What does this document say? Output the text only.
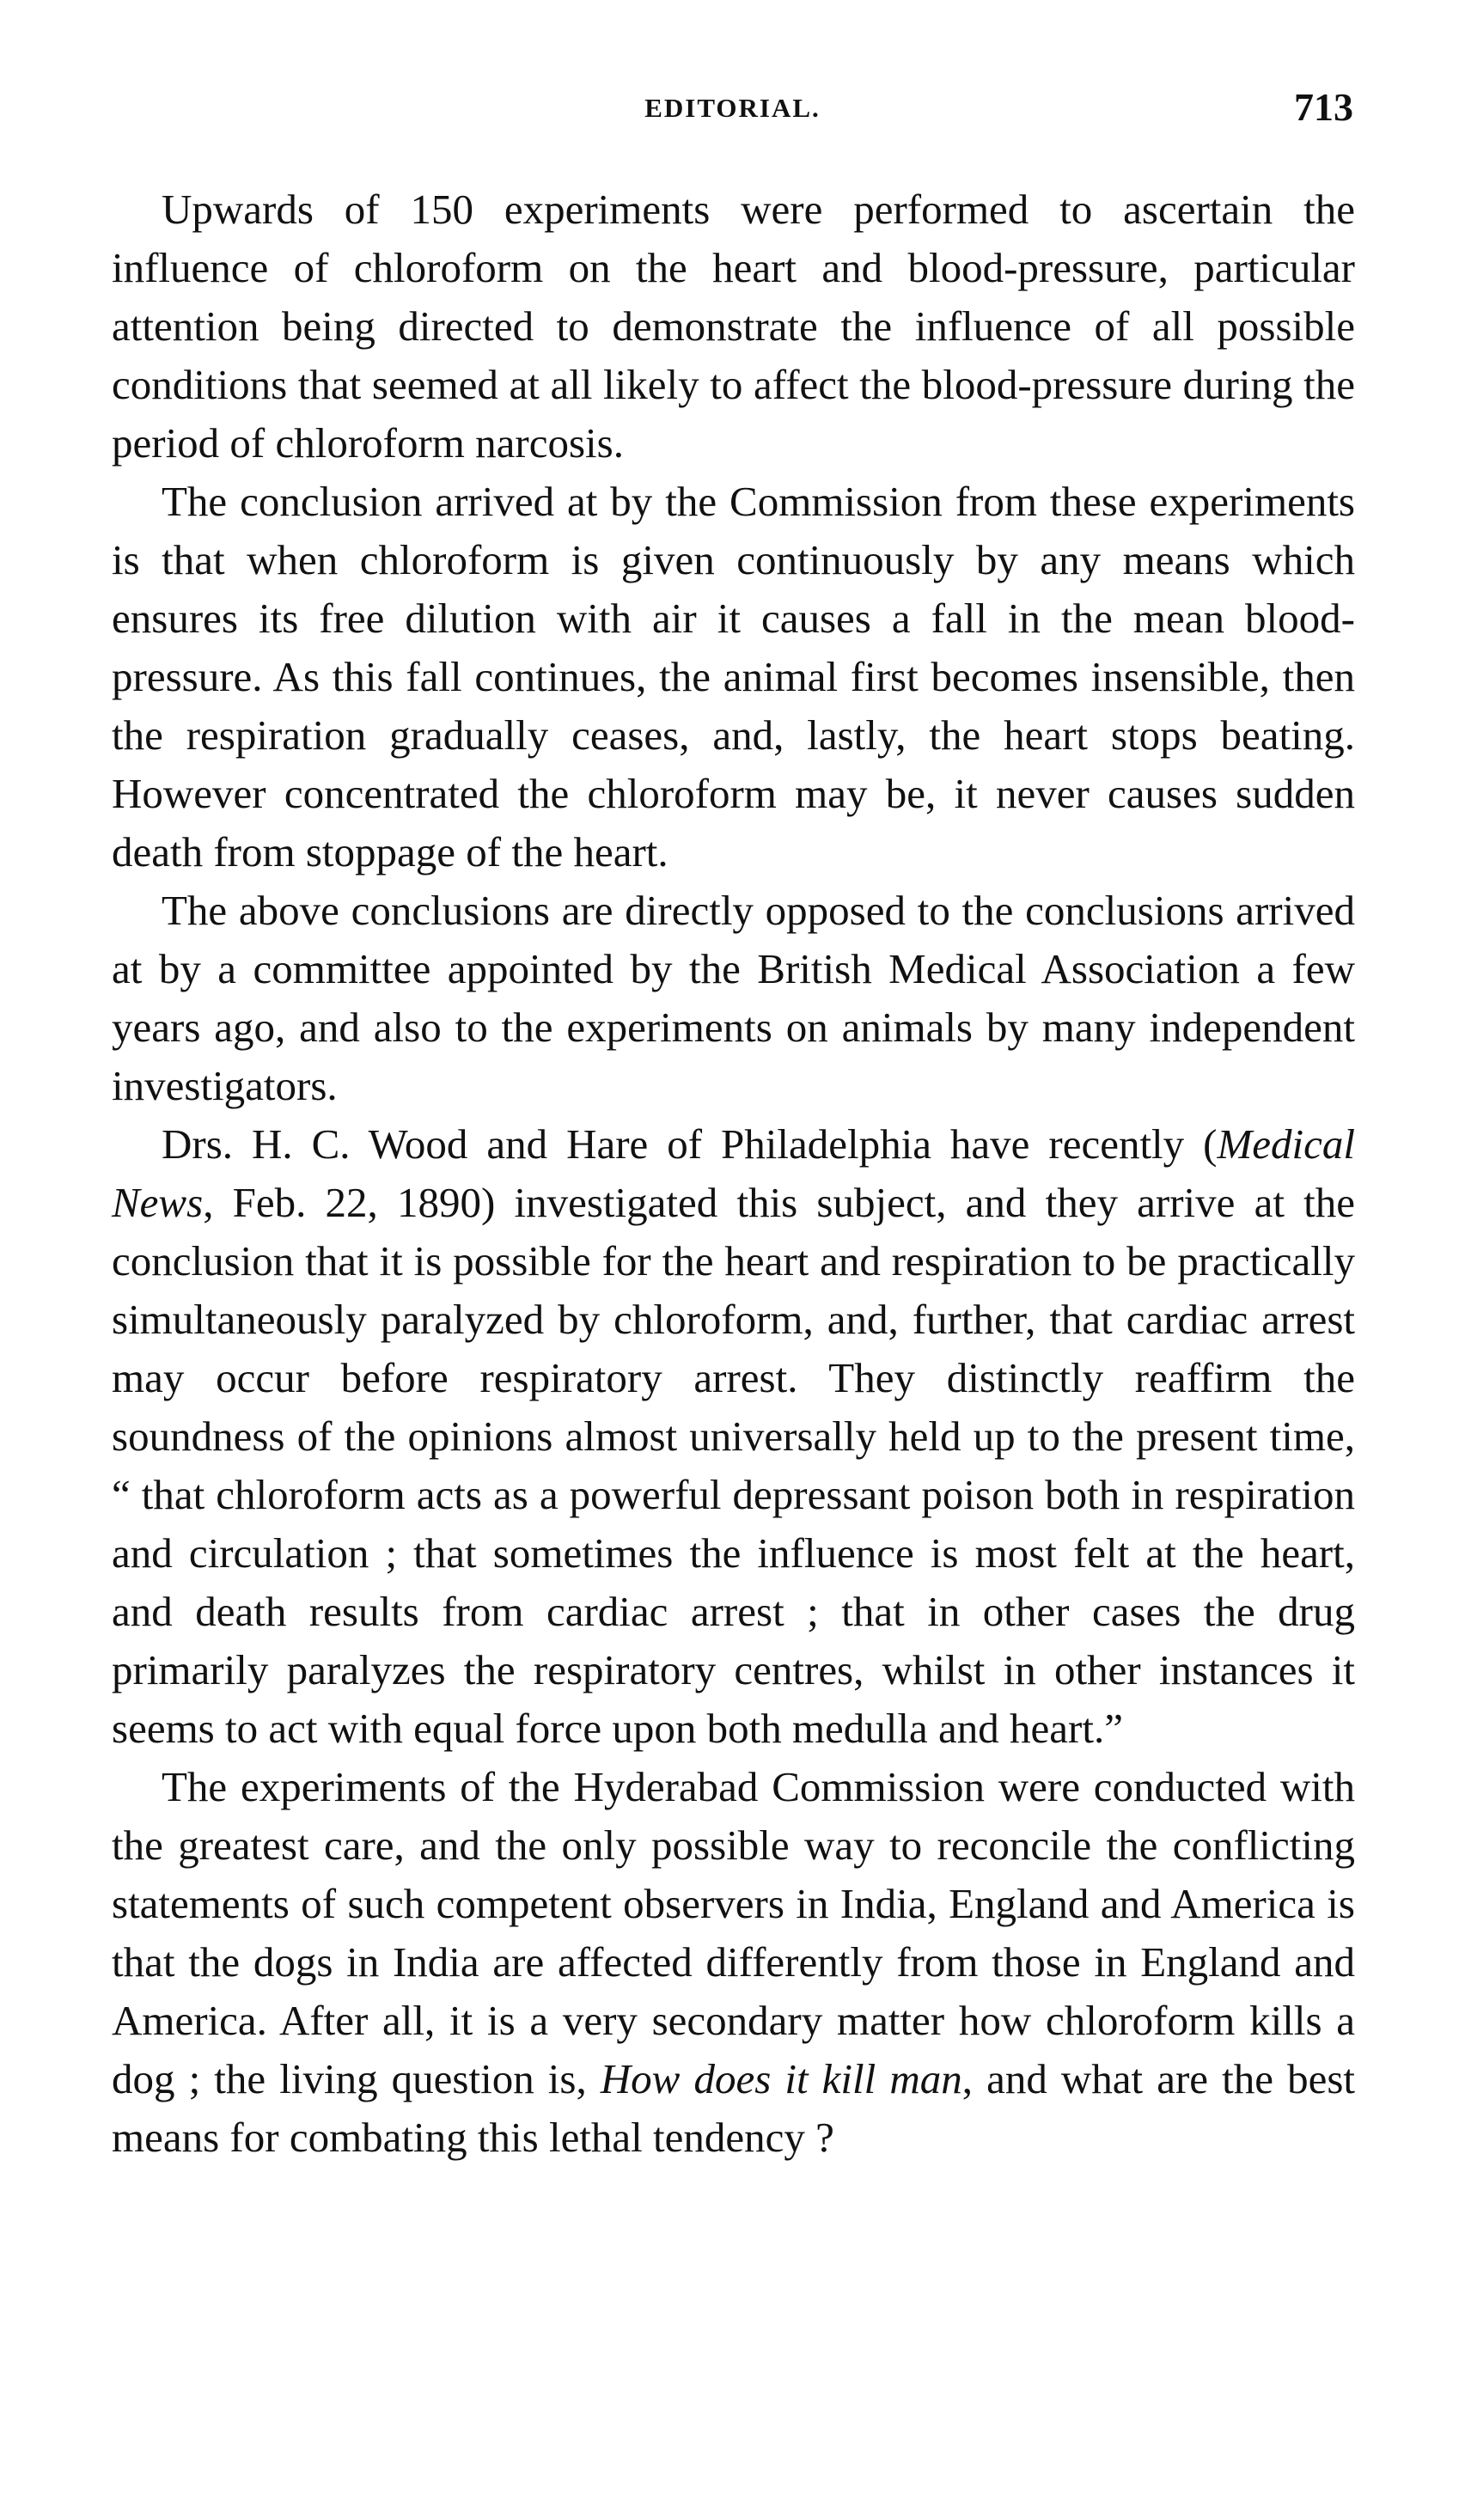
EDITORIAL.	713

Upwards of 150 experiments were performed to ascertain the influence of chloroform on the heart and blood-pressure, particular attention being directed to demonstrate the influence of all possible conditions that seemed at all likely to affect the blood-pressure during the period of chloroform narcosis.

The conclusion arrived at by the Commission from these experiments is that when chloroform is given continuously by any means which ensures its free dilution with air it causes a fall in the mean blood-pressure. As this fall continues, the animal first becomes insensible, then the respiration gradually ceases, and, lastly, the heart stops beating. However concentrated the chloroform may be, it never causes sudden death from stoppage of the heart.

The above conclusions are directly opposed to the conclusions arrived at by a committee appointed by the British Medical Association a few years ago, and also to the experiments on animals by many independent investigators.

Drs. H. C. Wood and Hare of Philadelphia have recently (Medical News, Feb. 22, 1890) investigated this subject, and they arrive at the conclusion that it is possible for the heart and respiration to be practically simultaneously paralyzed by chloroform, and, further, that cardiac arrest may occur before respiratory arrest. They distinctly reaffirm the soundness of the opinions almost universally held up to the present time, “ that chloroform acts as a powerful depressant poison both in respiration and circulation ; that sometimes the influence is most felt at the heart, and death results from cardiac arrest ; that in other cases the drug primarily paralyzes the respiratory centres, whilst in other instances it seems to act with equal force upon both medulla and heart.”

The experiments of the Hyderabad Commission were conducted with the greatest care, and the only possible way to reconcile the conflicting statements of such competent observers in India, England and America is that the dogs in India are affected differently from those in England and America. After all, it is a very secondary matter how chloroform kills a dog ; the living question is, How does it kill man, and what are the best means for combating this lethal tendency ?
